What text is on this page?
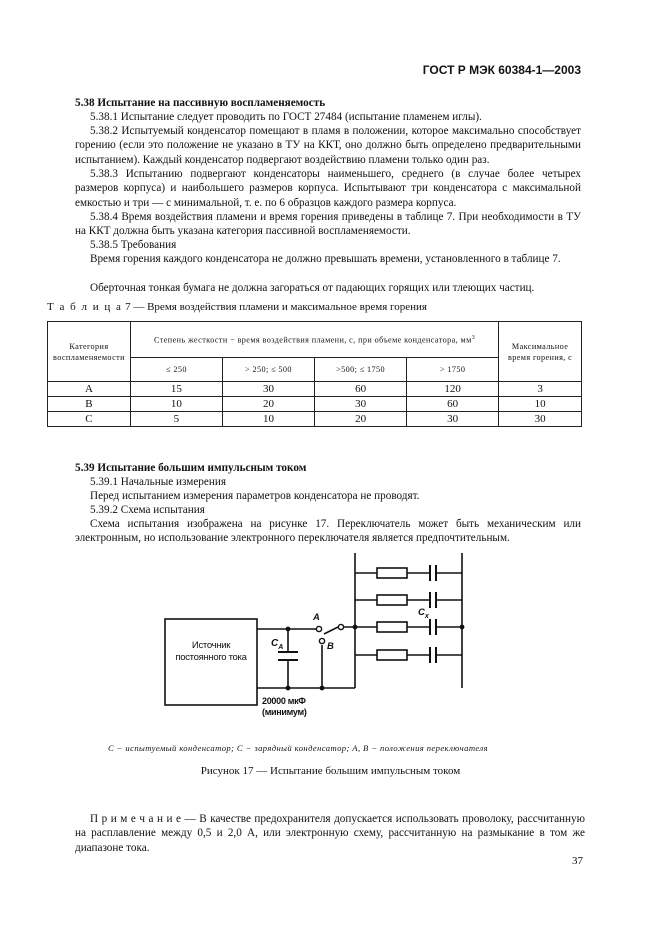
ГОСТ Р МЭК 60384-1—2003

5.38 Испытание на пассивную воспламеняемость

5.38.1 Испытание следует проводить по ГОСТ 27484 (испытание пламенем иглы).

5.38.2 Испытуемый конденсатор помещают в пламя в положении, которое максимально способствует горению (если это положение не указано в ТУ на ККТ, оно должно быть определено предварительными испытанием). Каждый конденсатор подвергают воздействию пламени только один раз.

5.38.3 Испытанию подвергают конденсаторы наименьшего, среднего (в случае более четырех размеров корпуса) и наибольшего размеров корпуса. Испытывают три конденсатора с максимальной емкостью и три — с минимальной, т. е. по 6 образцов каждого размера корпуса.

5.38.4 Время воздействия пламени и время горения приведены в таблице 7. При необходимости в ТУ на ККТ должна быть указана категория пассивной воспламеняемости.

5.38.5 Требования

Время горения каждого конденсатора не должно превышать времени, установленного в таблице 7.

Оберточная тонкая бумага не должна загораться от падающих горящих или тлеющих частиц.

Т а б л и ц а 7 — Время воздействия пламени и максимальное время горения
Категория воспламеняемости	Степень жесткости − время воздействия пламени, с, при объеме конденсатора, $мм^3$				Максимальное время горения, с
	≤ 250	> 250; ≤ 500	>500; ≤ 1750	> 1750	
A	15	30	60	120	3
B	10	20	30	60	10
C	5	10	20	30	30

5.39 Испытание большим импульсным током

5.39.1 Начальные измерения

Перед испытанием измерения параметров конденсатора не проводят.

5.39.2 Схема испытания

Схема испытания изображена на рисунке 17. Переключатель может быть механическим или электронным, но использование электронного переключателя является предпочтительным.

Источник постоянного тока
$C_A$
A
B
$C_x$
20000 мкФ (минимум)
C − испытуемый конденсатор; C − зарядный конденсатор; A, B − положения переключателя
Рисунок 17 — Испытание большим импульсным током

П р и м е ч а н и е — В качестве предохранителя допускается использовать проволоку, рассчитанную на расплавление между 0,5 и 2,0 А, или электронную схему, рассчитанную на размыкание в том же диапазоне тока.

37
